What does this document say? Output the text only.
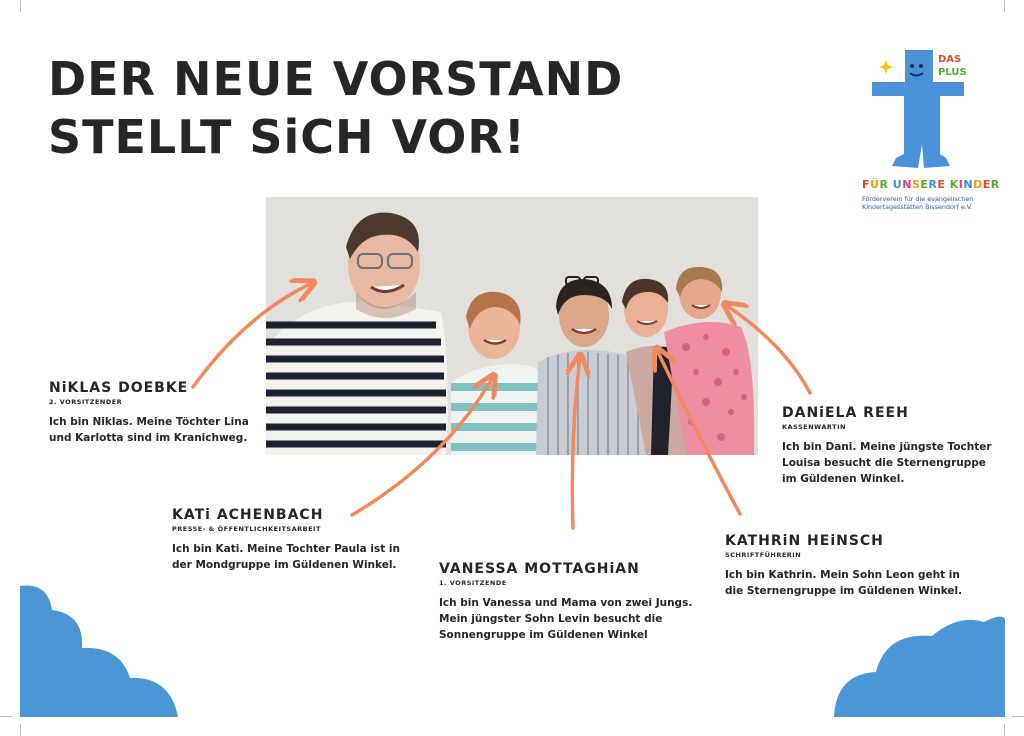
DER NEUE VORSTAND
STELLT SiCH VOR!
DAS
PLUS
FÜR UNSERE KINDER
Förderverein für die evangelischen
Kindertagesstätten Bissendorf e.V.
NiKLAS DOEBKE
2. VORSITZENDER
Ich bin Niklas. Meine Töchter Lina
und Karlotta sind im Kranichweg.
KATi ACHENBACH
PRESSE- & ÖFFENTLICHKEITSARBEIT
Ich bin Kati. Meine Tochter Paula ist in
der Mondgruppe im Güldenen Winkel.	VANESSA MOTTAGHiAN
1. VORSITZENDE
Ich bin Vanessa und Mama von zwei Jungs.
Mein jüngster Sohn Levin besucht die
Sonnengruppe im Güldenen Winkel
KATHRiN HEiNSCH
SCHRIFTFÜHRERIN
Ich bin Kathrin. Mein Sohn Leon geht in
die Sternengruppe im Güldenen Winkel.
DANiELA REEH
KASSENWARTIN
Ich bin Dani. Meine jüngste Tochter
Louisa besucht die Sternengruppe
im Güldenen Winkel.
